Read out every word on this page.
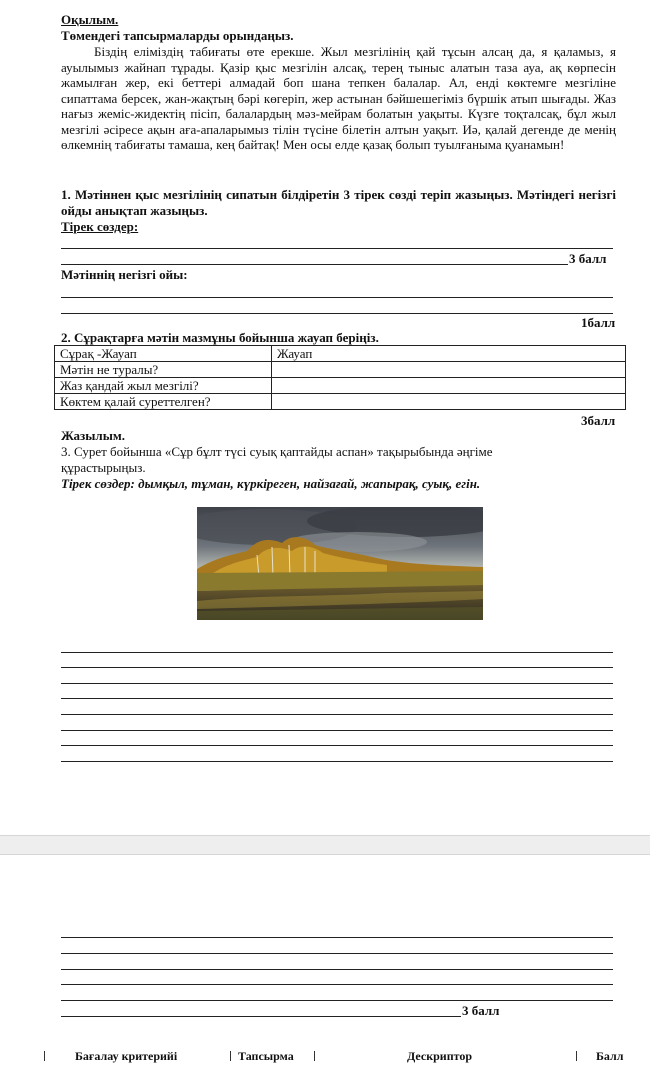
Оқылым.
Төмендегі тапсырмаларды орындаңыз.
Біздің еліміздің табиғаты өте ерекше. Жыл мезгілінің қай тұсын алсаң да, я қаламыз, я ауылымыз жайнап тұрады. Қазір қыс мезгілін алсақ, терең тыныс алатын таза ауа, ақ көрпесін жамылған жер, екі беттері алмадай боп шана тепкен балалар. Ал, енді көктемге мезгіліне сипаттама берсек, жан-жақтың бәрі көгеріп, жер астынан бәйшешегіміз бүршік атып шығады. Жаз нағыз жеміс-жидектің пісіп, балалардың мәз-мейрам болатын уақыты. Күзге тоқталсақ, бұл жыл мезгілі әсіресе ақын аға-апаларымыз тілін түсіне білетін алтын уақыт. Иә, қалай дегенде де менің өлкемнің табиғаты тамаша, кең байтақ! Мен осы елде қазақ болып туылғаныма қуанамын!
1. Мәтіннен қыс мезгілінің сипатын білдіретін 3 тірек сөзді теріп жазыңыз. Мәтіндегі негізгі ойды анықтап жазыңыз.
Тірек сөздер:
3 балл
Мәтіннің негізгі ойы:
1балл
2. Сұрақтарға мәтін мазмұны бойынша жауап беріңіз.
Сұрақ -Жауап	Жауап
Мәтін не туралы?	
Жаз қандай жыл мезгілі?	
Көктем қалай суреттелген?	
3балл
Жазылым.
3. Сурет бойынша «Сұр бұлт түсі суық қаптайды аспан» тақырыбында әңгіме құрастырыңыз.
Тірек сөздер: дымқыл, тұман, күркіреген, найзағай, жапырақ, суық, егін.
3 балл
Бағалау критерийі	Тапсырма	Дескриптор	Балл
